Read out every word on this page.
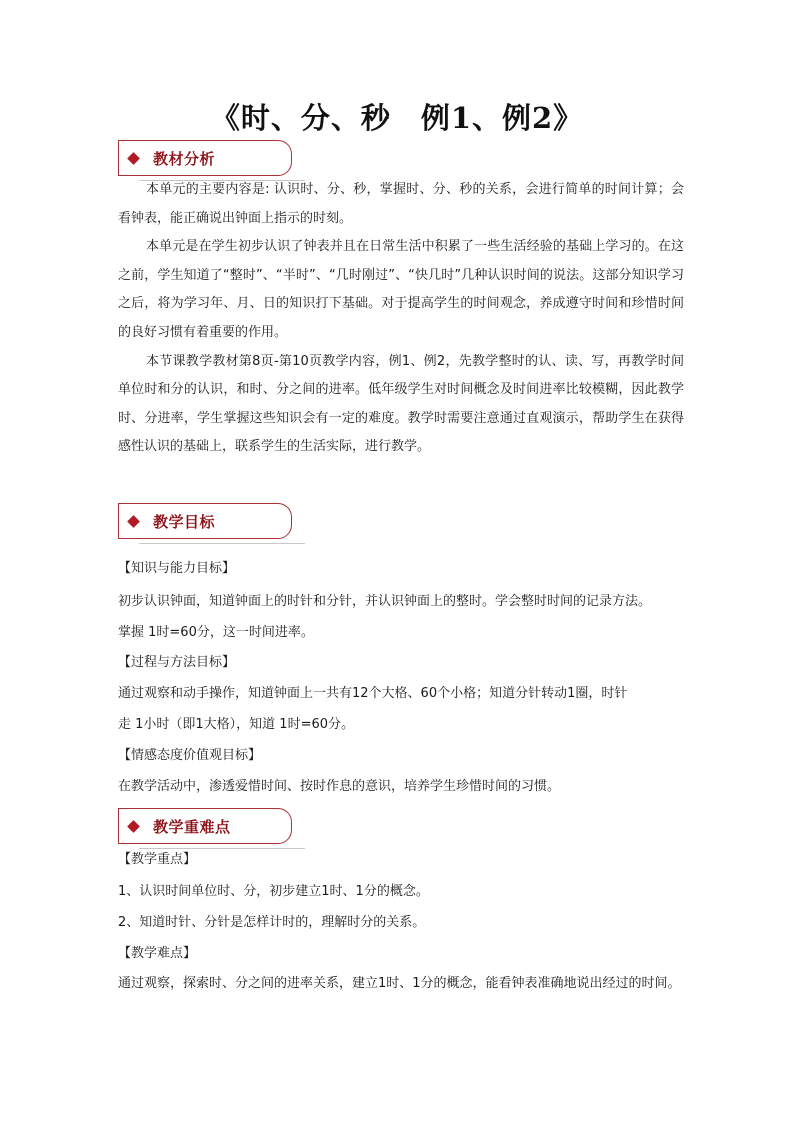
《时、分、秒　例1、例2》
教材分析

本单元的主要内容是: 认识时、分、秒，掌握时、分、秒的关系，会进行简单的时间计算；会看钟表，能正确说出钟面上指示的时刻。

本单元是在学生初步认识了钟表并且在日常生活中积累了一些生活经验的基础上学习的。在这之前，学生知道了“整时”、“半时”、“几时刚过”、“快几时”几种认识时间的说法。这部分知识学习之后，将为学习年、月、日的知识打下基础。对于提高学生的时间观念，养成遵守时间和珍惜时间的良好习惯有着重要的作用。

本节课教学教材第8页-第10页教学内容，例1、例2，先教学整时的认、读、写，再教学时间单位时和分的认识，和时、分之间的进率。低年级学生对时间概念及时间进率比较模糊，因此教学时、分进率，学生掌握这些知识会有一定的难度。教学时需要注意通过直观演示，帮助学生在获得感性认识的基础上，联系学生的生活实际，进行教学。

教学目标
【知识与能力目标】
初步认识钟面，知道钟面上的时针和分针，并认识钟面上的整时。学会整时时间的记录方法。
掌握 1时=60分，这一时间进率。
【过程与方法目标】
通过观察和动手操作，知道钟面上一共有12个大格、60个小格；知道分针转动1圈，时针
走 1小时（即1大格），知道 1时=60分。
【情感态度价值观目标】
在教学活动中，渗透爱惜时间、按时作息的意识，培养学生珍惜时间的习惯。
教学重难点
【教学重点】
1、认识时间单位时、分，初步建立1时、1分的概念。
2、知道时针、分针是怎样计时的，理解时分的关系。
【教学难点】
通过观察，探索时、分之间的进率关系，建立1时、1分的概念，能看钟表准确地说出经过的时间。
